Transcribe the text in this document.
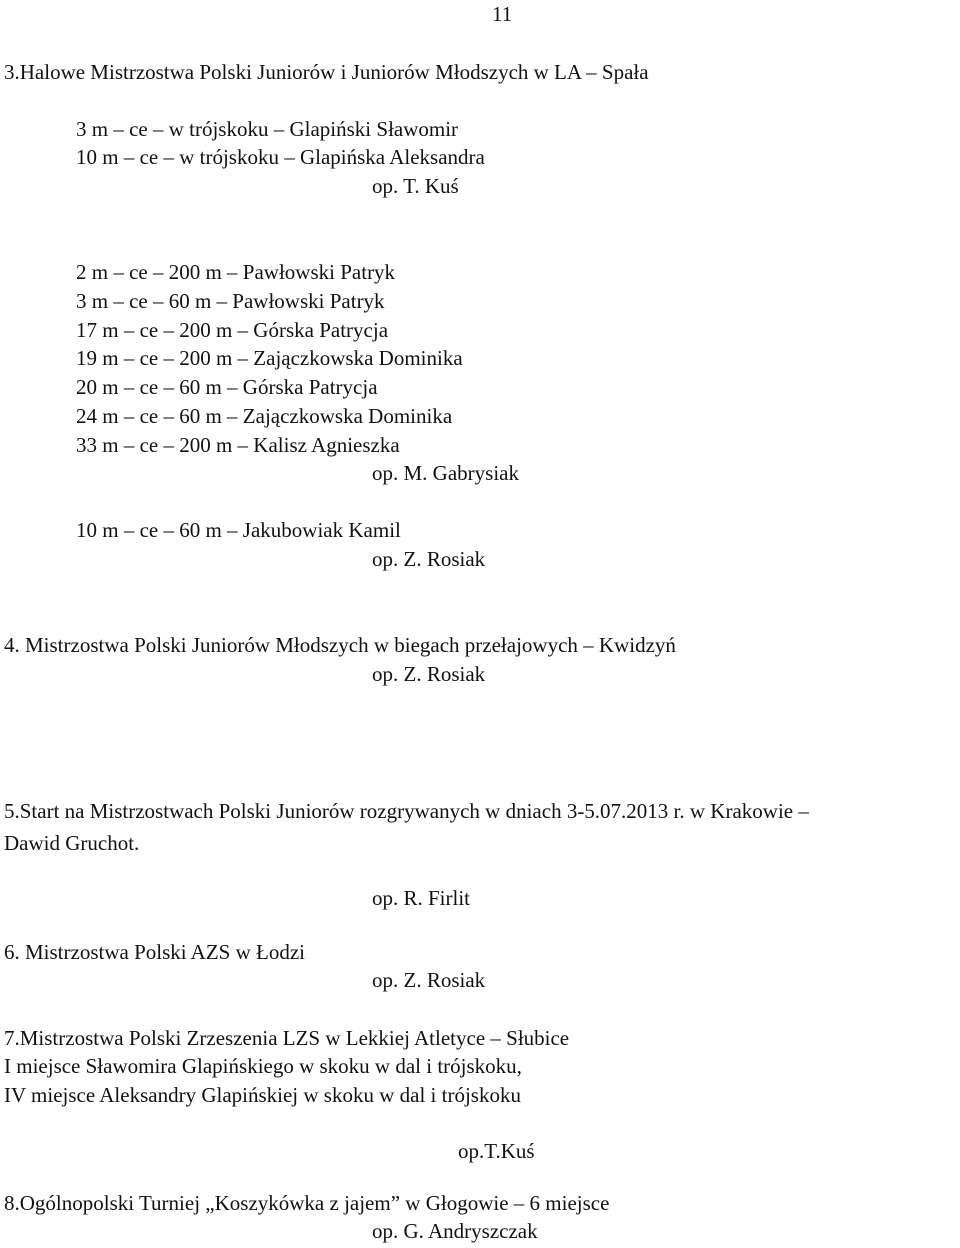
11
3.Halowe Mistrzostwa Polski Juniorów i Juniorów Młodszych w LA – Spała
3 m – ce – w trójskoku – Glapiński Sławomir
10 m – ce – w trójskoku – Glapińska Aleksandra
op. T. Kuś
2 m – ce – 200 m – Pawłowski Patryk
3 m – ce – 60 m – Pawłowski Patryk
17 m – ce – 200 m – Górska Patrycja
19 m – ce – 200 m – Zajączkowska Dominika
20 m – ce – 60 m – Górska Patrycja
24 m – ce – 60 m – Zajączkowska Dominika
33 m – ce – 200 m – Kalisz Agnieszka
op. M. Gabrysiak
10 m – ce – 60 m – Jakubowiak Kamil
op. Z. Rosiak
4. Mistrzostwa Polski Juniorów Młodszych w biegach przełajowych – Kwidzyń
op. Z. Rosiak
5.Start na Mistrzostwach Polski Juniorów rozgrywanych w dniach 3-5.07.2013 r. w Krakowie –
Dawid Gruchot.
op. R. Firlit
6. Mistrzostwa Polski AZS w Łodzi
op. Z. Rosiak
7.Mistrzostwa Polski Zrzeszenia LZS w Lekkiej Atletyce – Słubice
I miejsce Sławomira Glapińskiego w skoku w dal i trójskoku,
IV miejsce Aleksandry Glapińskiej w skoku w dal i trójskoku
op.T.Kuś
8.Ogólnopolski Turniej „Koszykówka z jajem” w Głogowie – 6 miejsce
op. G. Andryszczak
